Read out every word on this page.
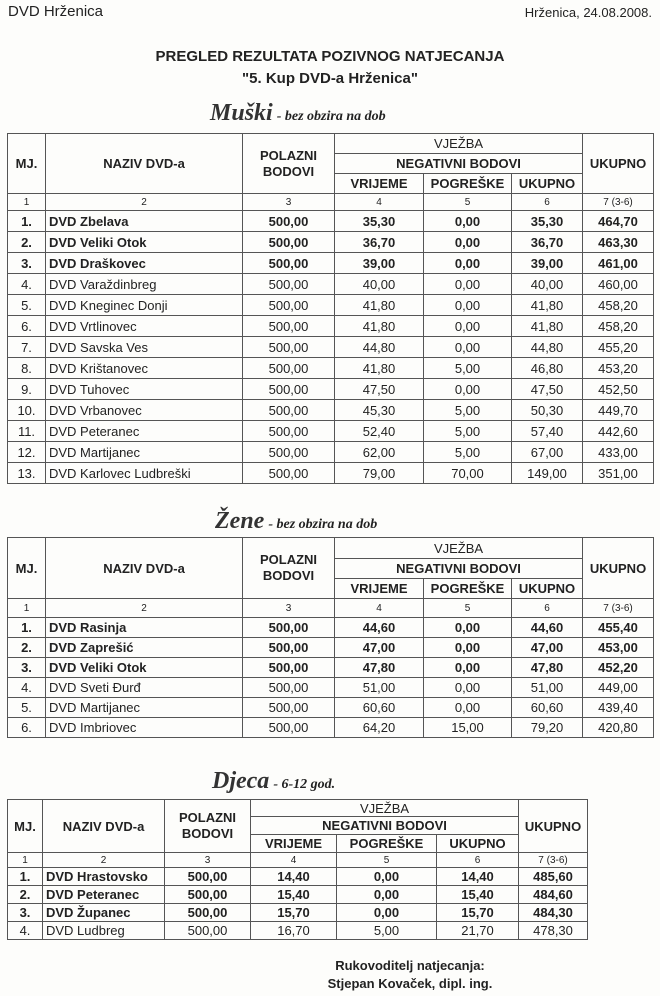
DVD Hrženica	Hrženica, 24.08.2008.
PREGLED REZULTATA POZIVNOG NATJECANJA
"5. Kup DVD-a Hrženica"
Muški - bez obzira na dob
Žene - bez obzira na dob
Djeca - 6-12 god.
MJ.	NAZIV DVD-a	POLAZNI BODOVI	VJEŽBA			UKUPNO
			NEGATIVNI BODOVI			
			VRIJEME	POGREŠKE	UKUPNO	
1	2	3	4	5	6	7 (3-6)
1.	DVD Zbelava	500,00	35,30	0,00	35,30	464,70
2.	DVD Veliki Otok	500,00	36,70	0,00	36,70	463,30
3.	DVD Draškovec	500,00	39,00	0,00	39,00	461,00
4.	DVD Varaždinbreg	500,00	40,00	0,00	40,00	460,00
5.	DVD Kneginec Donji	500,00	41,80	0,00	41,80	458,20
6.	DVD Vrtlinovec	500,00	41,80	0,00	41,80	458,20
7.	DVD Savska Ves	500,00	44,80	0,00	44,80	455,20
8.	DVD Krištanovec	500,00	41,80	5,00	46,80	453,20
9.	DVD Tuhovec	500,00	47,50	0,00	47,50	452,50
10.	DVD Vrbanovec	500,00	45,30	5,00	50,30	449,70
11.	DVD Peteranec	500,00	52,40	5,00	57,40	442,60
12.	DVD Martijanec	500,00	62,00	5,00	67,00	433,00
13.	DVD Karlovec Ludbreški	500,00	79,00	70,00	149,00	351,00
MJ.	NAZIV DVD-a	POLAZNI BODOVI	VJEŽBA			UKUPNO
			NEGATIVNI BODOVI			
			VRIJEME	POGREŠKE	UKUPNO	
1	2	3	4	5	6	7 (3-6)
1.	DVD Rasinja	500,00	44,60	0,00	44,60	455,40
2.	DVD Zaprešić	500,00	47,00	0,00	47,00	453,00
3.	DVD Veliki Otok	500,00	47,80	0,00	47,80	452,20
4.	DVD Sveti Đurđ	500,00	51,00	0,00	51,00	449,00
5.	DVD Martijanec	500,00	60,60	0,00	60,60	439,40
6.	DVD Imbriovec	500,00	64,20	15,00	79,20	420,80
MJ.	NAZIV DVD-a	POLAZNI BODOVI	VJEŽBA			UKUPNO
			NEGATIVNI BODOVI			
			VRIJEME	POGREŠKE	UKUPNO	
1	2	3	4	5	6	7 (3-6)
1.	DVD Hrastovsko	500,00	14,40	0,00	14,40	485,60
2.	DVD Peteranec	500,00	15,40	0,00	15,40	484,60
3.	DVD Županec	500,00	15,70	0,00	15,70	484,30
4.	DVD Ludbreg	500,00	16,70	5,00	21,70	478,30
Rukovoditelj natjecanja:
Stjepan Kovaček, dipl. ing.
